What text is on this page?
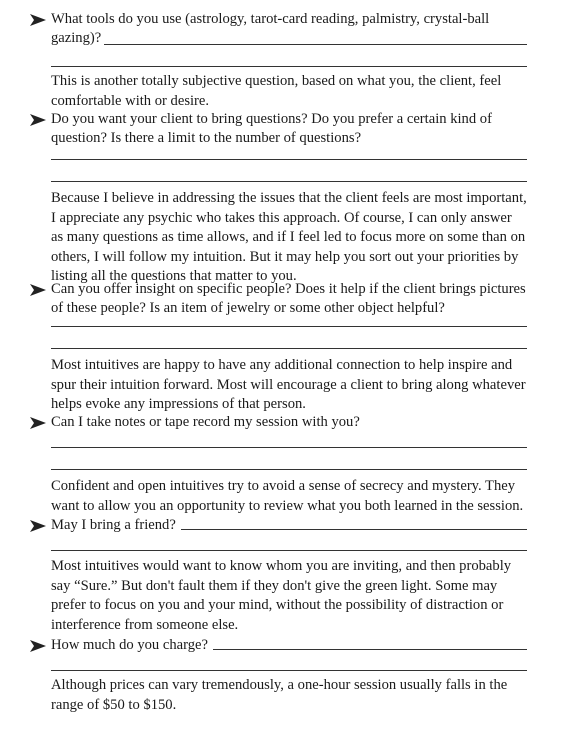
What tools do you use (astrology, tarot-card reading, palmistry, crystal-ball gazing)?
This is another totally subjective question, based on what you, the client, feel comfortable with or desire.
Do you want your client to bring questions? Do you prefer a certain kind of question? Is there a limit to the number of questions?
Because I believe in addressing the issues that the client feels are most important, I appreciate any psychic who takes this approach. Of course, I can only answer as many questions as time allows, and if I feel led to focus more on some than on others, I will follow my intuition. But it may help you sort out your priorities by listing all the questions that matter to you.
Can you offer insight on specific people? Does it help if the client brings pictures of these people? Is an item of jewelry or some other object helpful?
Most intuitives are happy to have any additional connection to help inspire and spur their intuition forward. Most will encourage a client to bring along whatever helps evoke any impressions of that person.
Can I take notes or tape record my session with you?
Confident and open intuitives try to avoid a sense of secrecy and mystery. They want to allow you an opportunity to review what you both learned in the session.
May I bring a friend?
Most intuitives would want to know whom you are inviting, and then probably say “Sure.” But don't fault them if they don't give the green light. Some may prefer to focus on you and your mind, without the possibility of distraction or interference from someone else.
How much do you charge?
Although prices can vary tremendously, a one-hour session usually falls in the range of $50 to $150.
